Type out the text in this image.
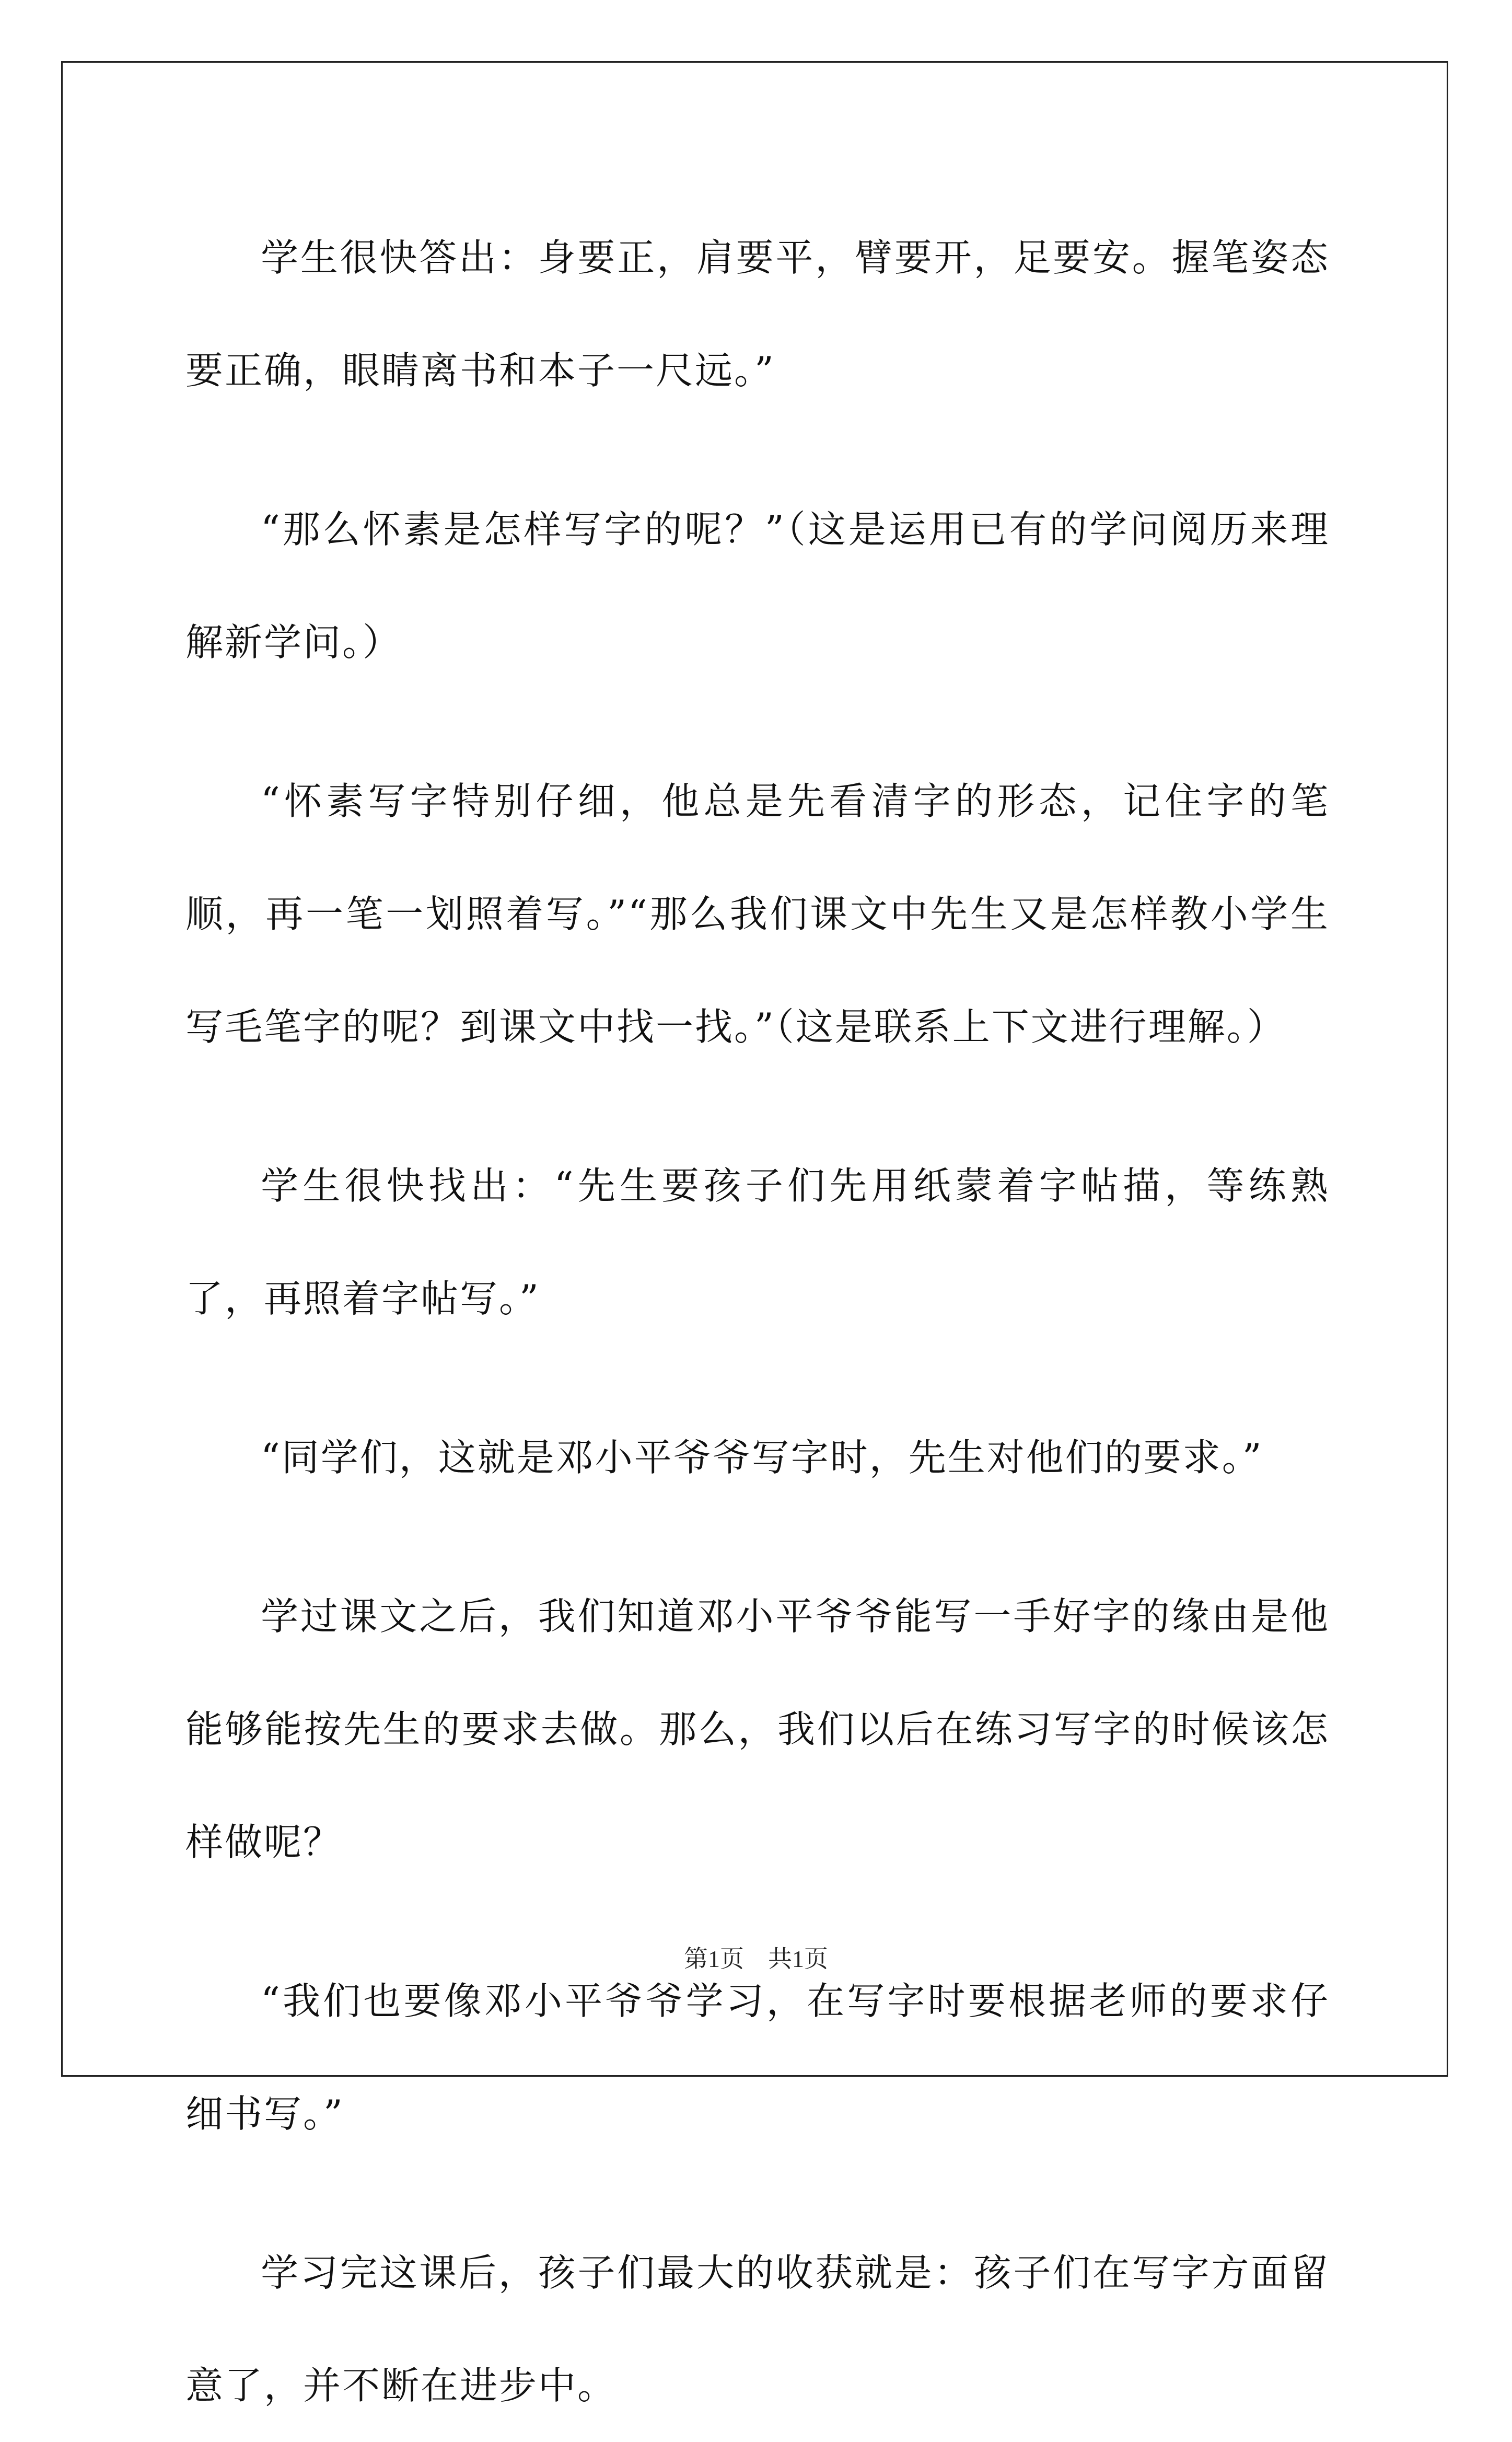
学生很快答出：身要正，肩要平，臂要开，足要安。握笔姿态要正确，眼睛离书和本子一尺远。”

“那么怀素是怎样写字的呢？”（这是运用已有的学问阅历来理解新学问。）

“怀素写字特别仔细，他总是先看清字的形态，记住字的笔顺，再一笔一划照着写。”“那么我们课文中先生又是怎样教小学生写毛笔字的呢？到课文中找一找。”（这是联系上下文进行理解。）

学生很快找出：“先生要孩子们先用纸蒙着字帖描，等练熟了，再照着字帖写。”

“同学们，这就是邓小平爷爷写字时，先生对他们的要求。”

学过课文之后，我们知道邓小平爷爷能写一手好字的缘由是他能够能按先生的要求去做。那么，我们以后在练习写字的时候该怎样做呢？

“我们也要像邓小平爷爷学习，在写字时要根据老师的要求仔细书写。”

学习完这课后，孩子们最大的收获就是：孩子们在写字方面留意了，并不断在进步中。

第1页 共1页
